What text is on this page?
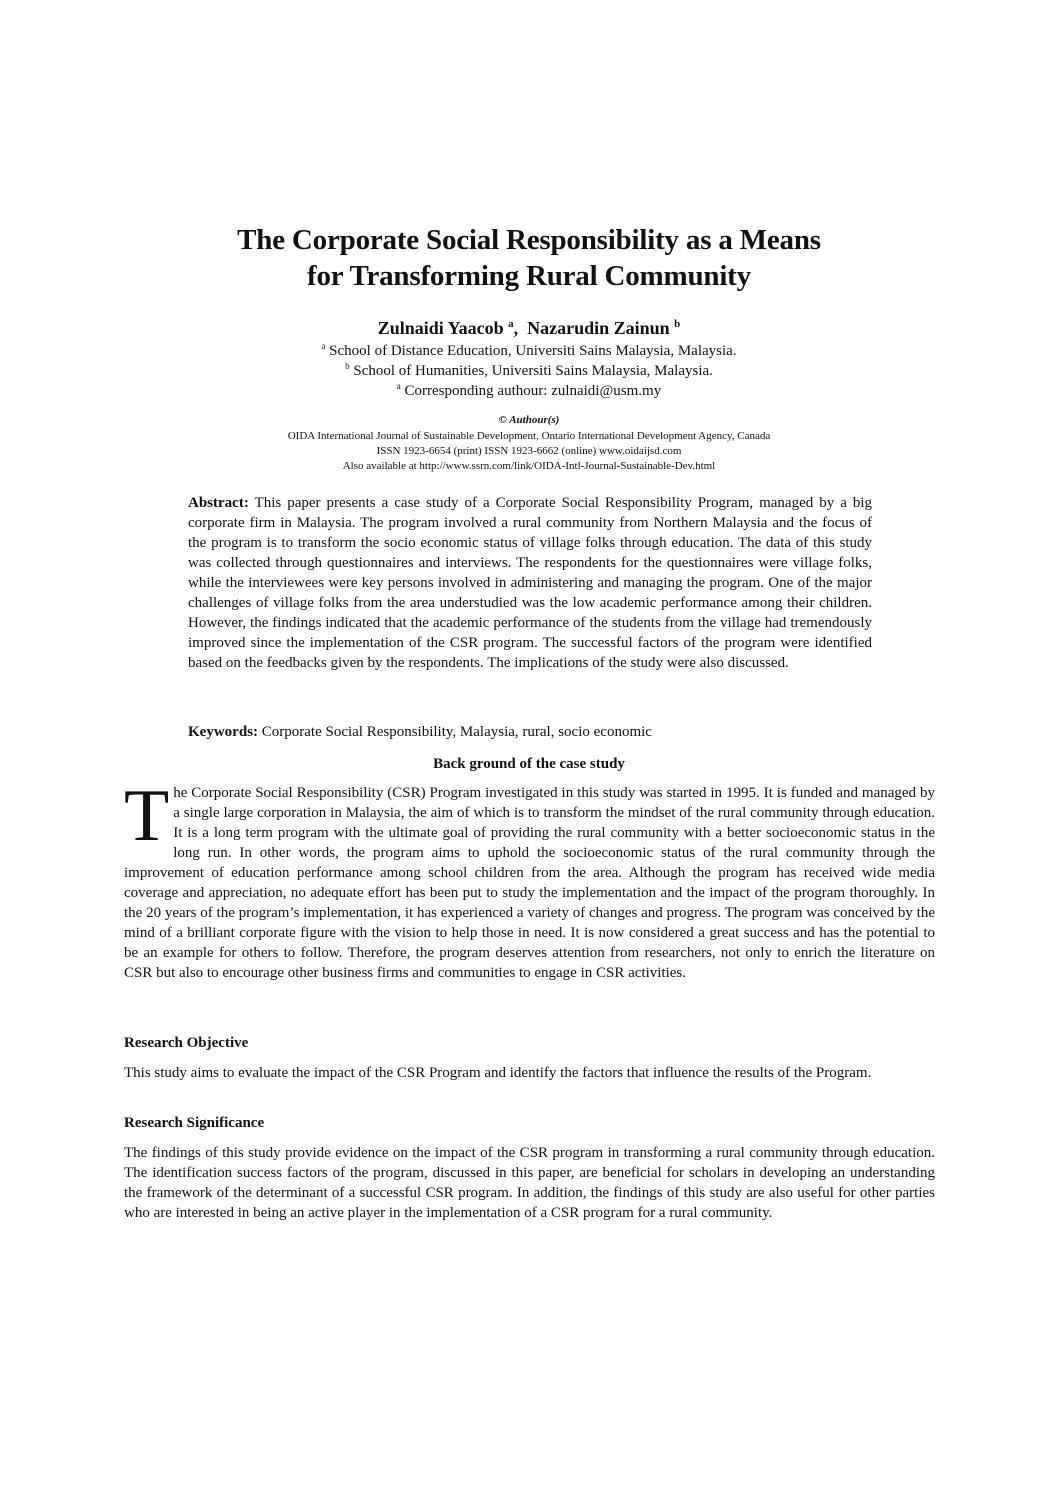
The Corporate Social Responsibility as a Means
for Transforming Rural Community
Zulnaidi Yaacob $^a$, Nazarudin Zainun $^b$
$^a$ School of Distance Education, Universiti Sains Malaysia, Malaysia.
$^b$ School of Humanities, Universiti Sains Malaysia, Malaysia.
$^a$ Corresponding authour: zulnaidi@usm.my
© Authour(s)
OIDA International Journal of Sustainable Development, Ontario International Development Agency, Canada
ISSN 1923-6654 (print) ISSN 1923-6662 (online) www.oidaijsd.com
Also available at http://www.ssrn.com/link/OIDA-Intl-Journal-Sustainable-Dev.html

Abstract: This paper presents a case study of a Corporate Social Responsibility Program, managed by a big corporate firm in Malaysia. The program involved a rural community from Northern Malaysia and the focus of the program is to transform the socio economic status of village folks through education. The data of this study was collected through questionnaires and interviews. The respondents for the questionnaires were village folks, while the interviewees were key persons involved in administering and managing the program. One of the major challenges of village folks from the area understudied was the low academic performance among their children. However, the findings indicated that the academic performance of the students from the village had tremendously improved since the implementation of the CSR program. The successful factors of the program were identified based on the feedbacks given by the respondents. The implications of the study were also discussed.

Keywords: Corporate Social Responsibility, Malaysia, rural, socio economic

Back ground of the case study

The Corporate Social Responsibility (CSR) Program investigated in this study was started in 1995. It is funded and managed by a single large corporation in Malaysia, the aim of which is to transform the mindset of the rural community through education. It is a long term program with the ultimate goal of providing the rural community with a better socioeconomic status in the long run. In other words, the program aims to uphold the socioeconomic status of the rural community through the improvement of education performance among school children from the area. Although the program has received wide media coverage and appreciation, no adequate effort has been put to study the implementation and the impact of the program thoroughly. In the 20 years of the program’s implementation, it has experienced a variety of changes and progress. The program was conceived by the mind of a brilliant corporate figure with the vision to help those in need. It is now considered a great success and has the potential to be an example for others to follow. Therefore, the program deserves attention from researchers, not only to enrich the literature on CSR but also to encourage other business firms and communities to engage in CSR activities.

Research Objective

This study aims to evaluate the impact of the CSR Program and identify the factors that influence the results of the Program.

Research Significance

The findings of this study provide evidence on the impact of the CSR program in transforming a rural community through education. The identification success factors of the program, discussed in this paper, are beneficial for scholars in developing an understanding the framework of the determinant of a successful CSR program. In addition, the findings of this study are also useful for other parties who are interested in being an active player in the implementation of a CSR program for a rural community.
